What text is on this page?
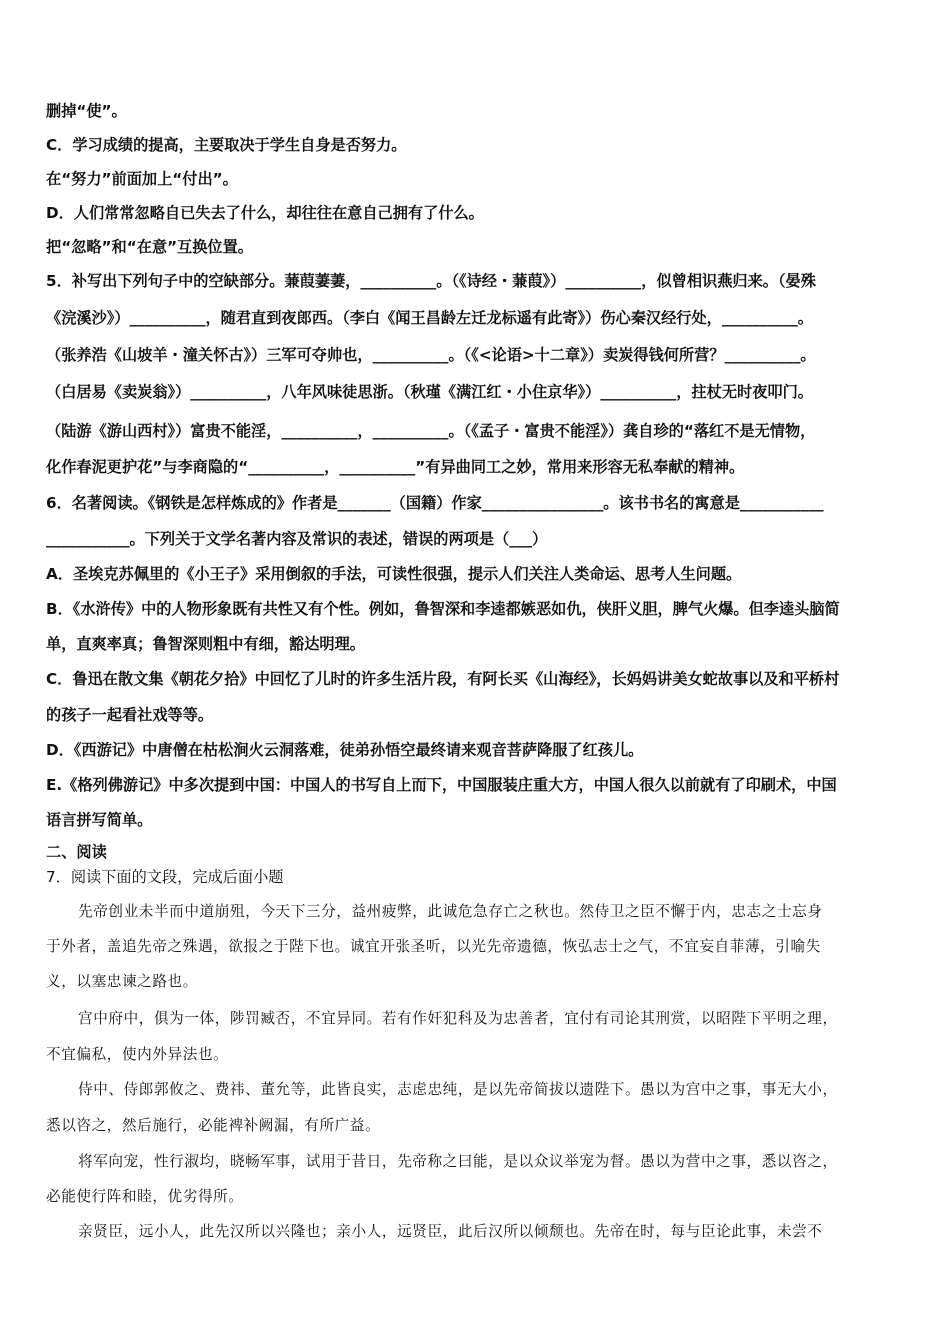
删掉“使”。
C．学习成绩的提高，主要取决于学生自身是否努力。
在“努力”前面加上“付出”。
D．人们常常忽略自已失去了什么，却往往在意自己拥有了什么。
把“忽略”和“在意”互换位置。
5．补写出下列句子中的空缺部分。蒹葭萋萋，__________。（《诗经・蒹葭》）__________，似曾相识燕归来。（晏殊
《浣溪沙》）__________，随君直到夜郎西。（李白《闻王昌龄左迁龙标遥有此寄》）伤心秦汉经行处，__________。
（张养浩《山坡羊・潼关怀古》）三军可夺帅也，__________。（《<论语>十二章》）卖炭得钱何所营？__________。
（白居易《卖炭翁》）__________，八年风味徒思浙。（秋瑾《满江红・小住京华》）__________，拄杖无时夜叩门。
（陆游《游山西村》）富贵不能淫，__________，__________。（《孟子・富贵不能淫》）龚自珍的“落红不是无情物，
化作春泥更护花”与李商隐的“__________，__________”有异曲同工之妙，常用来形容无私奉献的精神。
6．名著阅读。《钢铁是怎样炼成的》作者是_______（国籍）作家________________。该书书名的寓意是___________
___________。下列关于文学名著内容及常识的表述，错误的两项是（___）
A．圣埃克苏佩里的《小王子》采用倒叙的手法，可读性很强，提示人们关注人类命运、思考人生问题。
B．《水浒传》中的人物形象既有共性又有个性。例如，鲁智深和李逵都嫉恶如仇，侠肝义胆，脾气火爆。但李逵头脑简
单，直爽率真；鲁智深则粗中有细，豁达明理。
C．鲁迅在散文集《朝花夕拾》中回忆了儿时的许多生活片段，有阿长买《山海经》，长妈妈讲美女蛇故事以及和平桥村
的孩子一起看社戏等等。
D．《西游记》中唐僧在枯松涧火云洞落难，徒弟孙悟空最终请来观音菩萨降服了红孩儿。
E.《格列佛游记》中多次提到中国：中国人的书写自上而下，中国服装庄重大方，中国人很久以前就有了印刷术，中国
语言拼写简单。
二、阅读
7．阅读下面的文段，完成后面小题
先帝创业未半而中道崩殂，今天下三分，益州疲弊，此诚危急存亡之秋也。然侍卫之臣不懈于内，忠志之士忘身
于外者，盖追先帝之殊遇，欲报之于陛下也。诚宜开张圣听，以光先帝遗德，恢弘志士之气，不宜妄自菲薄，引喻失
义，以塞忠谏之路也。
宫中府中，俱为一体，陟罚臧否，不宜异同。若有作奸犯科及为忠善者，宜付有司论其刑赏，以昭陛下平明之理，
不宜偏私，使内外异法也。
侍中、侍郎郭攸之、费祎、董允等，此皆良实，志虑忠纯，是以先帝简拔以遗陛下。愚以为宫中之事，事无大小，
悉以咨之，然后施行，必能裨补阙漏，有所广益。
将军向宠，性行淑均，晓畅军事，试用于昔日，先帝称之曰能，是以众议举宠为督。愚以为营中之事，悉以咨之，
必能使行阵和睦，优劣得所。
亲贤臣，远小人，此先汉所以兴隆也；亲小人，远贤臣，此后汉所以倾颓也。先帝在时，每与臣论此事，未尝不
